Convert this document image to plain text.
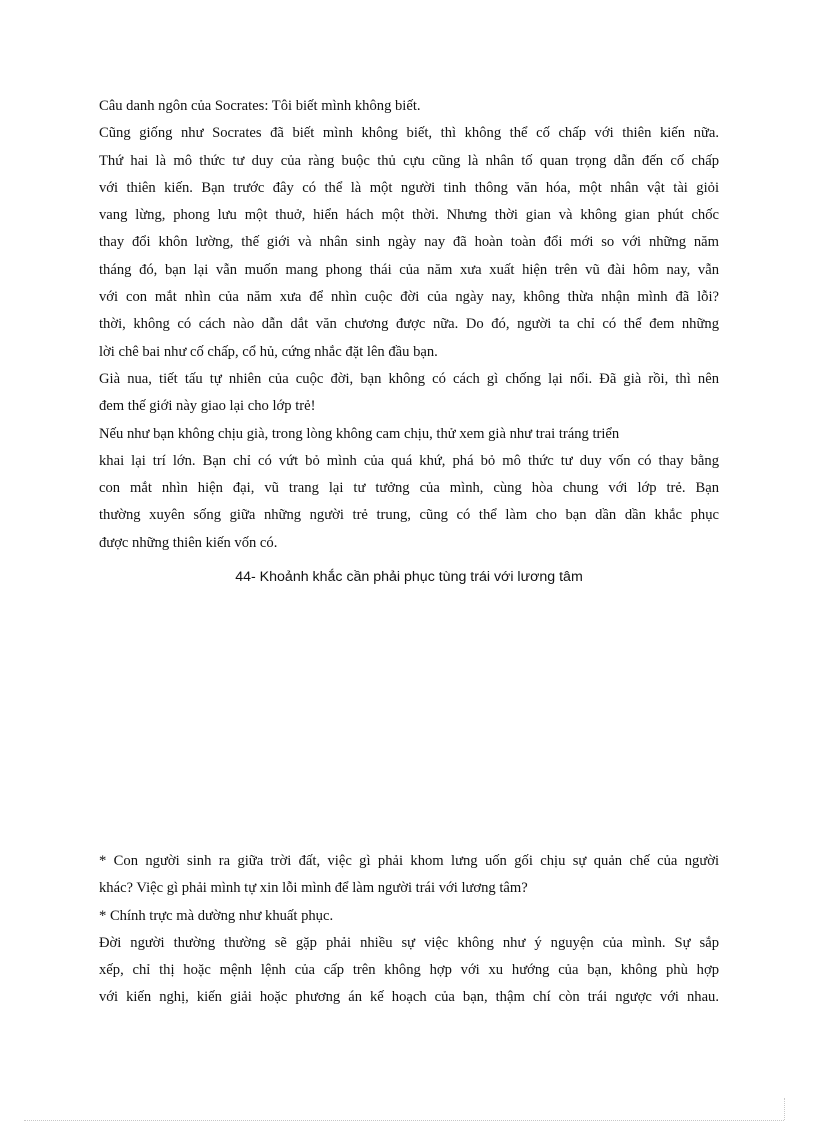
Câu danh ngôn của Socrates: Tôi biết mình không biết.
Cũng giống như Socrates đã biết mình không biết, thì không thể cố chấp với thiên kiến nữa.
Thứ hai là mô thức tư duy của ràng buộc thủ cựu cũng là nhân tố quan trọng dẫn đến cố chấp
với thiên kiến. Bạn trước đây có thể là một người tinh thông văn hóa, một nhân vật tài giỏi
vang lừng, phong lưu một thuở, hiển hách một thời. Nhưng thời gian và không gian phút chốc
thay đổi khôn lường, thế giới và nhân sinh ngày nay đã hoàn toàn đổi mới so với những năm
tháng đó, bạn lại vẫn muốn mang phong thái của năm xưa xuất hiện trên vũ đài hôm nay, vẫn
với con mắt nhìn của năm xưa để nhìn cuộc đời của ngày nay, không thừa nhận mình đã lỗi?
thời, không có cách nào dẫn dắt văn chương được nữa. Do đó, người ta chỉ có thể đem những
lời chê bai như cố chấp, cổ hủ, cứng nhắc đặt lên đầu bạn.
Già nua, tiết tấu tự nhiên của cuộc đời, bạn không có cách gì chống lại nổi. Đã già rồi, thì nên
đem thế giới này giao lại cho lớp trẻ!
Nếu như bạn không chịu già, trong lòng không cam chịu, thử xem già như trai tráng triển
khai lại trí lớn. Bạn chỉ có vứt bỏ mình của quá khứ, phá bỏ mô thức tư duy vốn có thay bằng
con mắt nhìn hiện đại, vũ trang lại tư tưởng của mình, cùng hòa chung với lớp trẻ. Bạn
thường xuyên sống giữa những người trẻ trung, cũng có thể làm cho bạn dần dần khắc phục
được những thiên kiến vốn có.
44- Khoảnh khắc cần phải phục tùng trái với lương tâm
* Con người sinh ra giữa trời đất, việc gì phải khom lưng uốn gối chịu sự quản chế của người
khác? Việc gì phải mình tự xin lỗi mình để làm người trái với lương tâm?
* Chính trực mà dường như khuất phục.
Đời người thường thường sẽ gặp phải nhiều sự việc không như ý nguyện của mình. Sự sắp
xếp, chỉ thị hoặc mệnh lệnh của cấp trên không hợp với xu hướng của bạn, không phù hợp
với kiến nghị, kiến giải hoặc phương án kế hoạch của bạn, thậm chí còn trái ngược với nhau.
